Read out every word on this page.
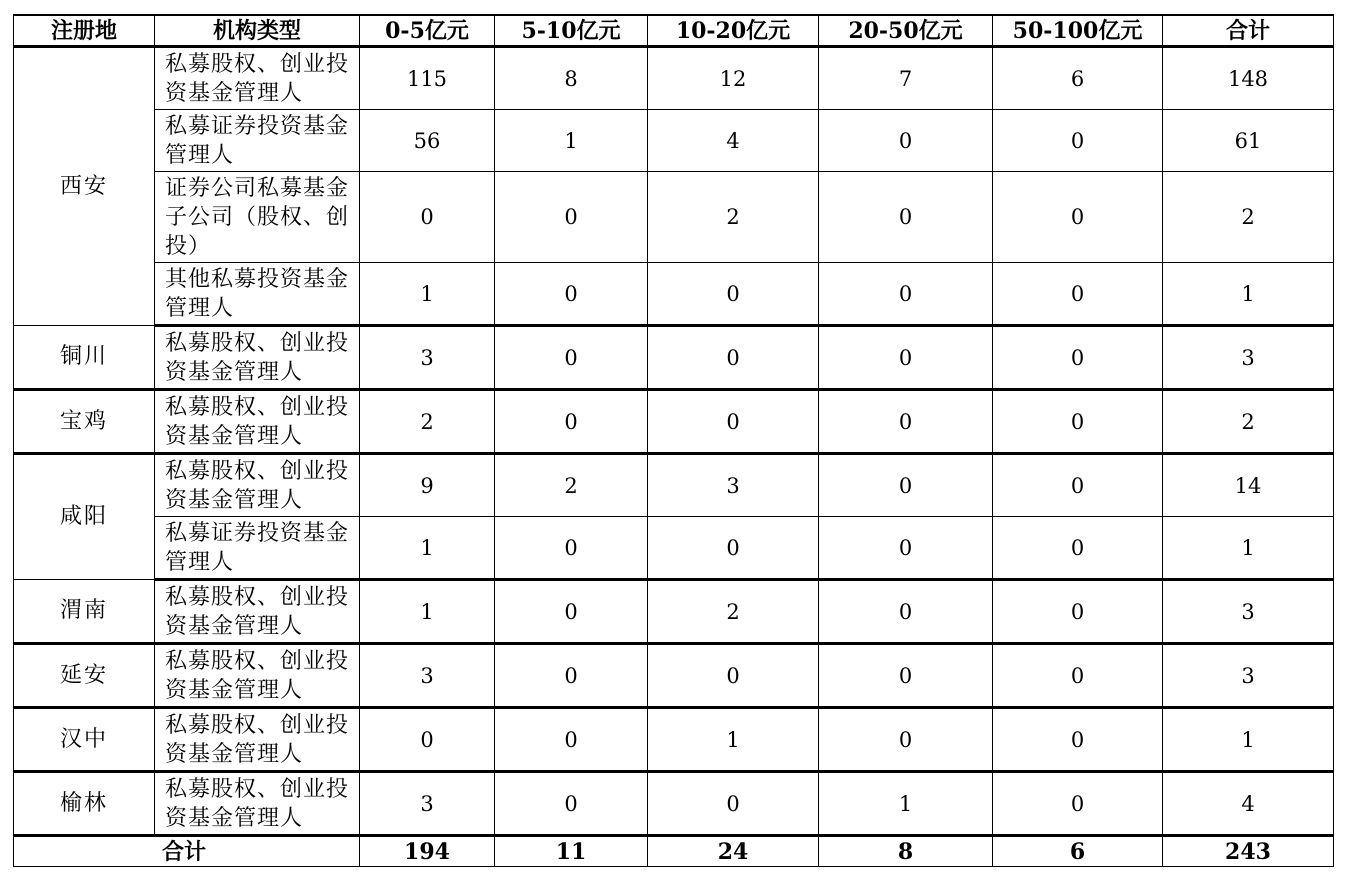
注册地	机构类型	0-5亿元	5-10亿元	10-20亿元	20-50亿元	50-100亿元	合计
西安	私募股权、创业投资基金管理人	115	8	12	7	6	148
	私募证券投资基金管理人	56	1	4	0	0	61
	证券公司私募基金子公司（股权、创投）	0	0	2	0	0	2
	其他私募投资基金管理人	1	0	0	0	0	1
铜川	私募股权、创业投资基金管理人	3	0	0	0	0	3
宝鸡	私募股权、创业投资基金管理人	2	0	0	0	0	2
咸阳	私募股权、创业投资基金管理人	9	2	3	0	0	14
	私募证券投资基金管理人	1	0	0	0	0	1
渭南	私募股权、创业投资基金管理人	1	0	2	0	0	3
延安	私募股权、创业投资基金管理人	3	0	0	0	0	3
汉中	私募股权、创业投资基金管理人	0	0	1	0	0	1
榆林	私募股权、创业投资基金管理人	3	0	0	1	0	4
合计		194	11	24	8	6	243
